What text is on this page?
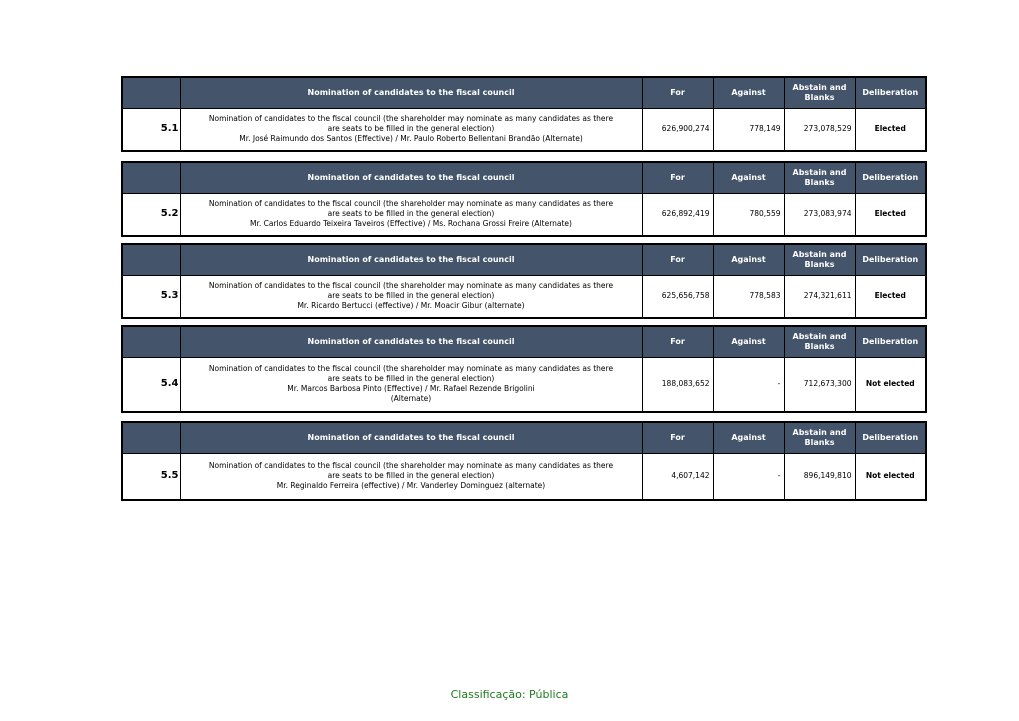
	Nomination of candidates to the fiscal council	For	Against	Abstain and Blanks	Deliberation
5.1	Nomination of candidates to the fiscal council (the shareholder may nominate as many candidates as there
are seats to be filled in the general election)
Mr. José Raimundo dos Santos (Effective) / Mr. Paulo Roberto Bellentani Brandão (Alternate)	626,900,274	778,149	273,078,529	Elected
	Nomination of candidates to the fiscal council	For	Against	Abstain and Blanks	Deliberation
5.2	Nomination of candidates to the fiscal council (the shareholder may nominate as many candidates as there
are seats to be filled in the general election)
Mr. Carlos Eduardo Teixeira Taveiros (Effective) / Ms. Rochana Grossi Freire (Alternate)	626,892,419	780,559	273,083,974	Elected
	Nomination of candidates to the fiscal council	For	Against	Abstain and Blanks	Deliberation
5.3	Nomination of candidates to the fiscal council (the shareholder may nominate as many candidates as there
are seats to be filled in the general election)
Mr. Ricardo Bertucci (effective) / Mr. Moacir Gibur (alternate)	625,656,758	778,583	274,321,611	Elected
	Nomination of candidates to the fiscal council	For	Against	Abstain and Blanks	Deliberation
5.4	Nomination of candidates to the fiscal council (the shareholder may nominate as many candidates as there
are seats to be filled in the general election)
Mr. Marcos Barbosa Pinto (Effective) / Mr. Rafael Rezende Brigolini
(Alternate)	188,083,652	-	712,673,300	Not elected
	Nomination of candidates to the fiscal council	For	Against	Abstain and Blanks	Deliberation
5.5	Nomination of candidates to the fiscal council (the shareholder may nominate as many candidates as there
are seats to be filled in the general election)
Mr. Reginaldo Ferreira (effective) / Mr. Vanderley Dominguez (alternate)	4,607,142	-	896,149,810	Not elected
Classificação: Pública
